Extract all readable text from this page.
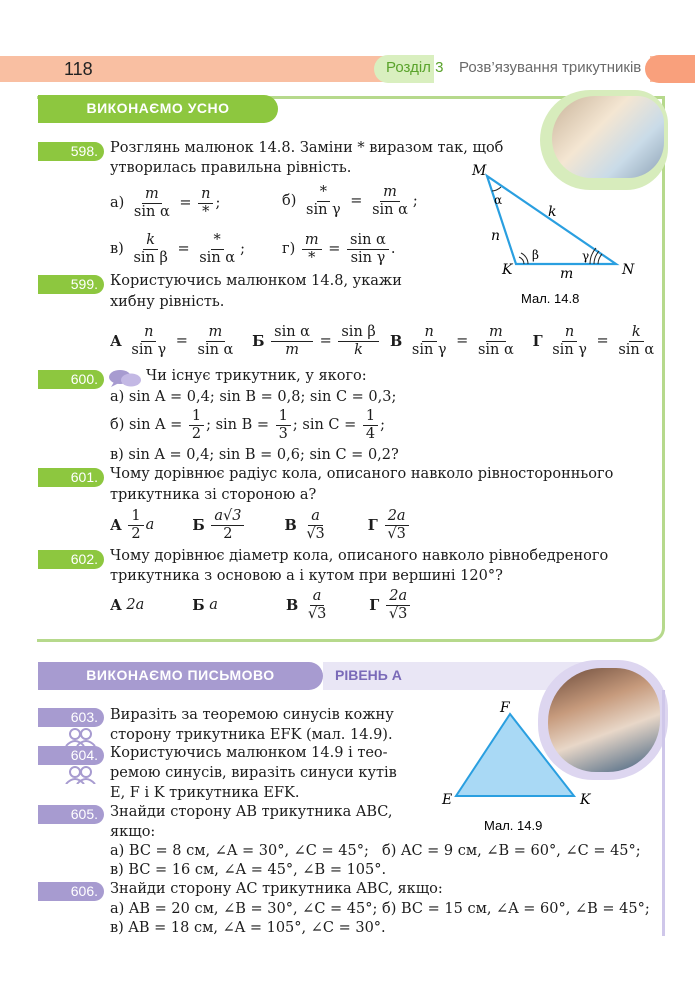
118	Розділ 3 Розв’язування трикутників
ВИКОНАЄМО УСНО
598. Розглянь малюнок 14.8. Заміни * виразом так, щоб
утворилась правильна рівність.
а)
$\frac{m}{\text{sin α}} = \frac{n}{*}$ ;	б)
$\frac{*}{\text{sin γ}} = \frac{m}{\text{sin α}}$ ;
в)
$\frac{k}{\text{sin β}} = \frac{*}{\text{sin α}}$ ;	г)
$\frac{m}{*} = \frac{\text{sin α}}{\text{sin γ}}$ .
M
α
n
k
β	γ
K	m	N
Мал. 14.8
599. Користуючись малюнком 14.8, укажи
хибну рівність.
А
$\frac{n}{\text{sin γ}} = \frac{m}{\text{sin α}}$
Б
$\frac{\text{sin α}}{m} = \frac{\text{sin β}}{k}$
В
$\frac{n}{\text{sin γ}} = \frac{m}{\text{sin α}}$
Г
$\frac{n}{\text{sin γ}} = \frac{k}{\text{sin α}}$
600.	Чи існує трикутник, у якого:
а) sin A = 0,4; sin B = 0,8; sin C = 0,3;
б) sin A =
$\frac{1}{2}$ ; sin B =
$\frac{1}{3}$ ; sin C =
$\frac{1}{4}$ ;
в) sin A = 0,4; sin B = 0,6; sin C = 0,2?
601. Чому дорівнює радіус кола, описаного навколо рівностороннього
трикутника зі стороною a?
А
$\frac{1}{2}$ a	Б
$\frac{a√3}{2}$	В
$\frac{a}{√3}$	Г
$\frac{2a}{√3}$
602. Чому дорівнює діаметр кола, описаного навколо рівнобедреного
трикутника з основою a і кутом при вершині 120°?
А
2a	Б
a	В
$\frac{a}{√3}$	Г
$\frac{2a}{√3}$
ВИКОНАЄМО ПИСЬМОВО	РІВЕНЬ А
603. Виразіть за теоремою синусів кожну
сторону трикутника EFK (мал. 14.9).
604. Користуючись малюнком 14.9 і тео-
ремою синусів, виразіть синуси кутів
E, F і K трикутника EFK.
F
E	K
Мал. 14.9
605. Знайди сторону AB трикутника ABC,
якщо:
а) BC = 8 см, ∠A = 30°, ∠C = 45°; б) AC = 9 см, ∠B = 60°, ∠C = 45°;
в) BC = 16 см, ∠A = 45°, ∠B = 105°.
606. Знайди сторону AC трикутника ABC, якщо:
а) AB = 20 см, ∠B = 30°, ∠C = 45°; б) BC = 15 см, ∠A = 60°, ∠B = 45°;
в) AB = 18 см, ∠A = 105°, ∠C = 30°.
